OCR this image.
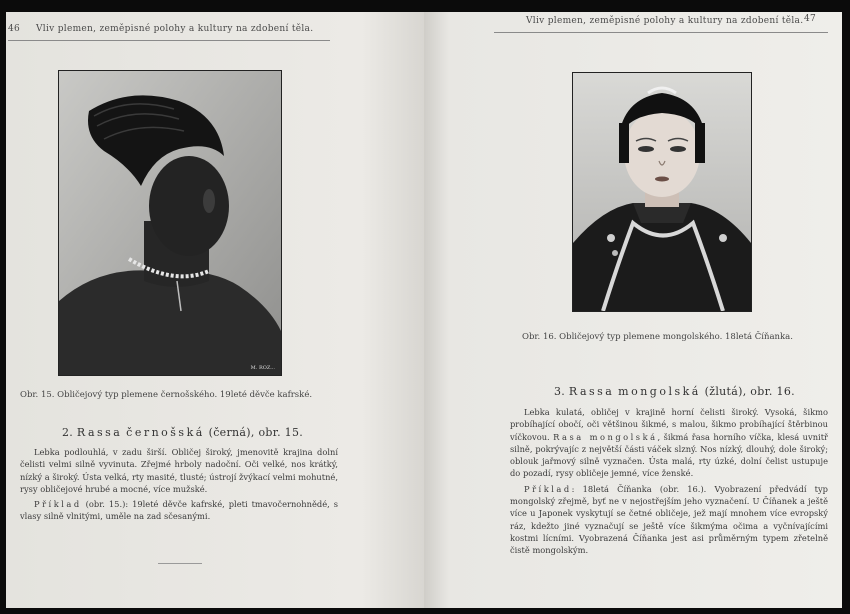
46 Vliv plemen, zeměpisné polohy a kultury na zdobení těla.
M. ROZ...
Obr. 15. Obličejový typ plemene černošského. 19leté děvče kafrské.
2. Rassa černošská (černá), obr. 15.

Lebka podlouhlá, v zadu širší. Obličej široký, jmenovitě krajina dolní čelisti velmi silně vyvinuta. Zřejmé hrboly nadoční. Oči velké, nos krátký, nízký a široký. Ústa velká, rty masité, tlusté; ústrojí žvýkací velmi mohutné, rysy obličejové hrubé a mocné, více mužské.

Příklad (obr. 15.): 19leté děvče kafrské, pleti tmavočernohnědé, s vlasy silně vlnitými, uměle na zad sčesanými.

Vliv plemen, zeměpisné polohy a kultury na zdobení těla. 47
Obr. 16. Obličejový typ plemene mongolského. 18letá Číňanka.
3. Rassa mongolská (žlutá), obr. 16.

Lebka kulatá, obličej v krajině horní čelisti široký. Vysoká, šikmo probíhající obočí, oči většinou šikmé, s malou, šikmo probíhající štěrbinou víčkovou. Rasa mongolská, šikmá řasa horního víčka, klesá uvnitř silně, pokrývajíc z největší části váček slzný. Nos nízký, dlouhý, dole široký; oblouk jařmový silně vyznačen. Ústa malá, rty úzké, dolní čelist ustupuje do pozadí, rysy obličeje jemné, více ženské.

Příklad: 18letá Číňanka (obr. 16.). Vyobrazení předvádí typ mongolský zřejmě, byť ne v nejostřejším jeho vyznačení. U Číňanek a ještě více u Japonek vyskytují se četné obličeje, jež mají mnohem více evropský ráz, kdežto jiné vyznačují se ještě více šikmýma očima a vyčnívajícími kostmi lícními. Vyobrazená Číňanka jest asi průměrným typem zřetelně čistě mongolským.
